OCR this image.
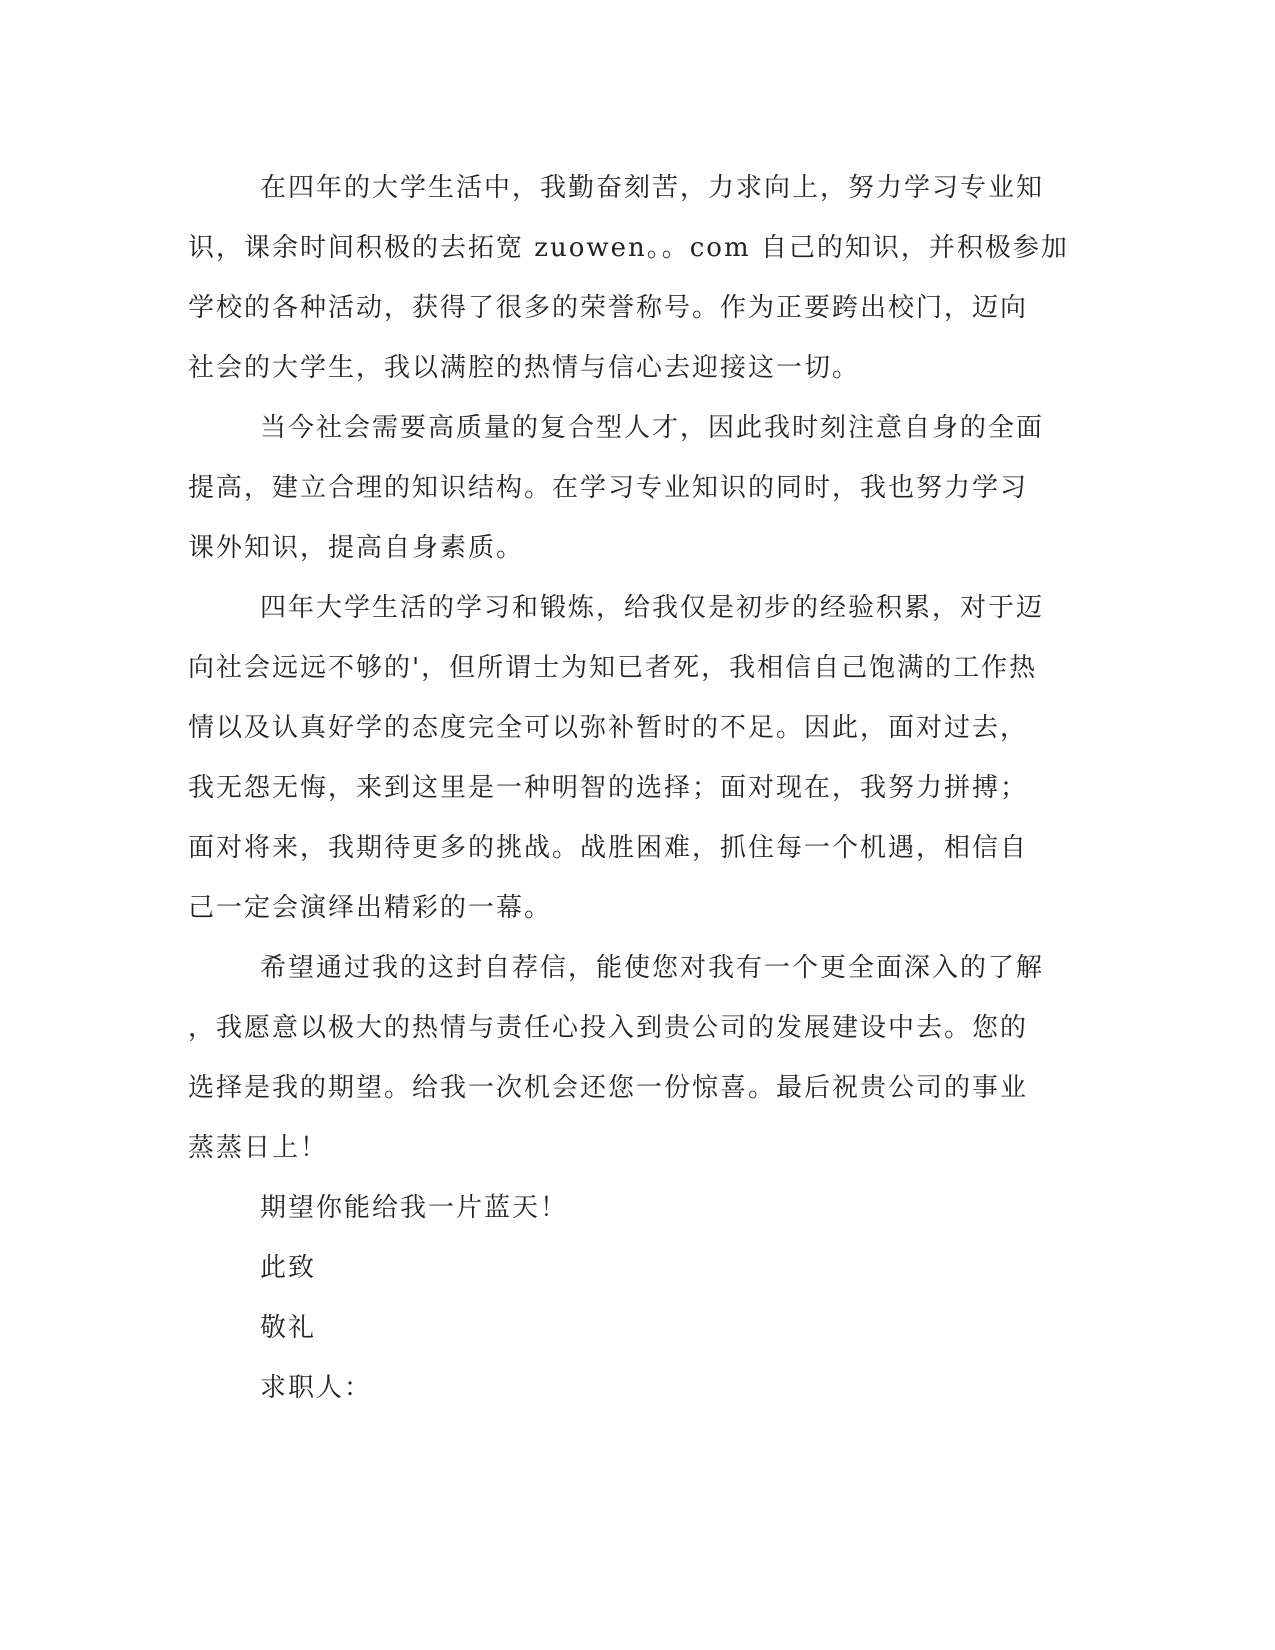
在四年的大学生活中，我勤奋刻苦，力求向上，努力学习专业知
识，课余时间积极的去拓宽 zuowen。。com 自己的知识，并积极参加
学校的各种活动，获得了很多的荣誉称号。作为正要跨出校门，迈向
社会的大学生，我以满腔的热情与信心去迎接这一切。
当今社会需要高质量的复合型人才，因此我时刻注意自身的全面
提高，建立合理的知识结构。在学习专业知识的同时，我也努力学习
课外知识，提高自身素质。
四年大学生活的学习和锻炼，给我仅是初步的经验积累，对于迈
向社会远远不够的'，但所谓士为知已者死，我相信自己饱满的工作热
情以及认真好学的态度完全可以弥补暂时的不足。因此，面对过去，
我无怨无悔，来到这里是一种明智的选择；面对现在，我努力拼搏；
面对将来，我期待更多的挑战。战胜困难，抓住每一个机遇，相信自
己一定会演绎出精彩的一幕。
希望通过我的这封自荐信，能使您对我有一个更全面深入的了解
，我愿意以极大的热情与责任心投入到贵公司的发展建设中去。您的
选择是我的期望。给我一次机会还您一份惊喜。最后祝贵公司的事业
蒸蒸日上！
期望你能给我一片蓝天！
此致
敬礼
求职人：
